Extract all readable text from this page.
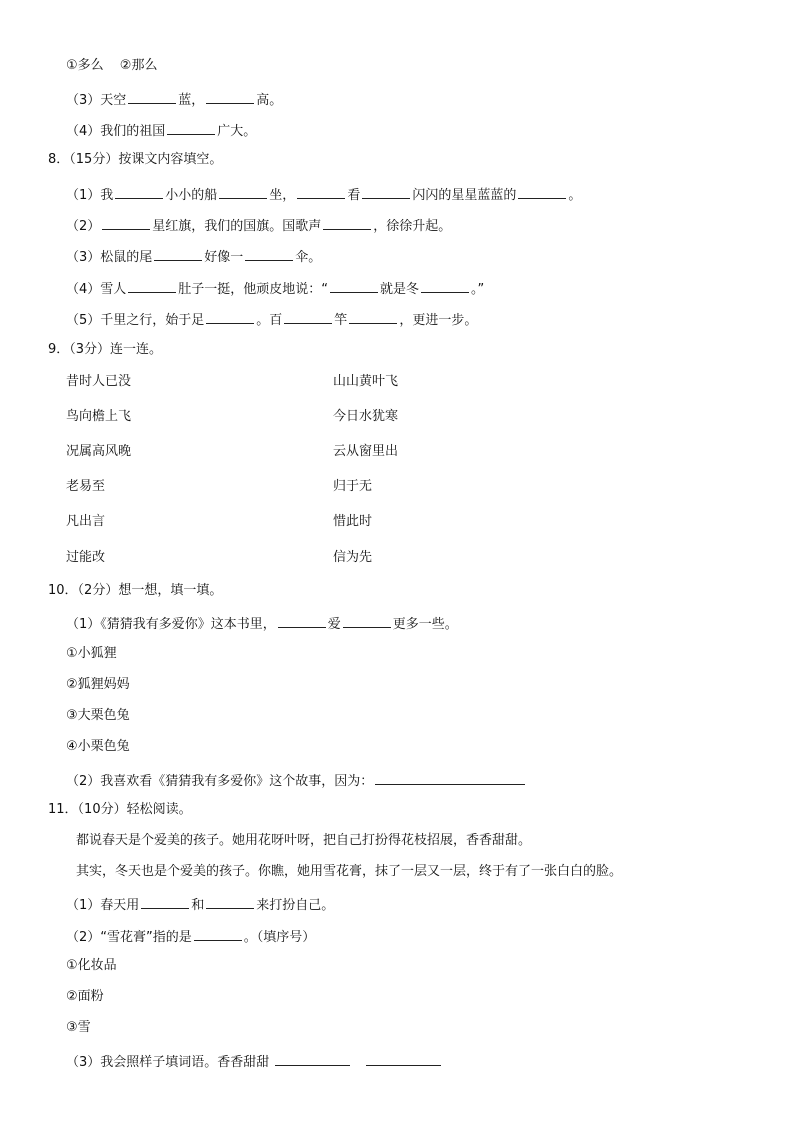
①多么 ②那么
（3）天空	蓝，	高。
（4）我们的祖国	广大。
8．（15分）按课文内容填空。
（1）我	小小的船	坐，	看	闪闪的星星蓝蓝的	。
（2）	星红旗，我们的国旗。国歌声	，徐徐升起。
（3）松鼠的尾	好像一	伞。
（4）雪人	肚子一挺，他顽皮地说：“	就是冬	。”
（5）千里之行，始于足	。百	竿	，更进一步。
9．（3分）连一连。
昔时人已没	山山黄叶飞
鸟向檐上飞	今日水犹寒
况属高风晚	云从窗里出
老易至	归于无
凡出言	惜此时
过能改	信为先
10．（2分）想一想，填一填。
（1）《猜猜我有多爱你》这本书里，	爱	更多一些。
①小狐狸
②狐狸妈妈
③大栗色兔
④小栗色兔
（2）我喜欢看《猜猜我有多爱你》这个故事，因为：
11．（10分）轻松阅读。
都说春天是个爱美的孩子。她用花呀叶呀，把自己打扮得花枝招展，香香甜甜。
其实，冬天也是个爱美的孩子。你瞧，她用雪花膏，抹了一层又一层，终于有了一张白白的脸。
（1）春天用	和	来打扮自己。
（2）“雪花膏”指的是	。（填序号）
①化妆品
②面粉
③雪
（3）我会照样子填词语。香香甜甜
